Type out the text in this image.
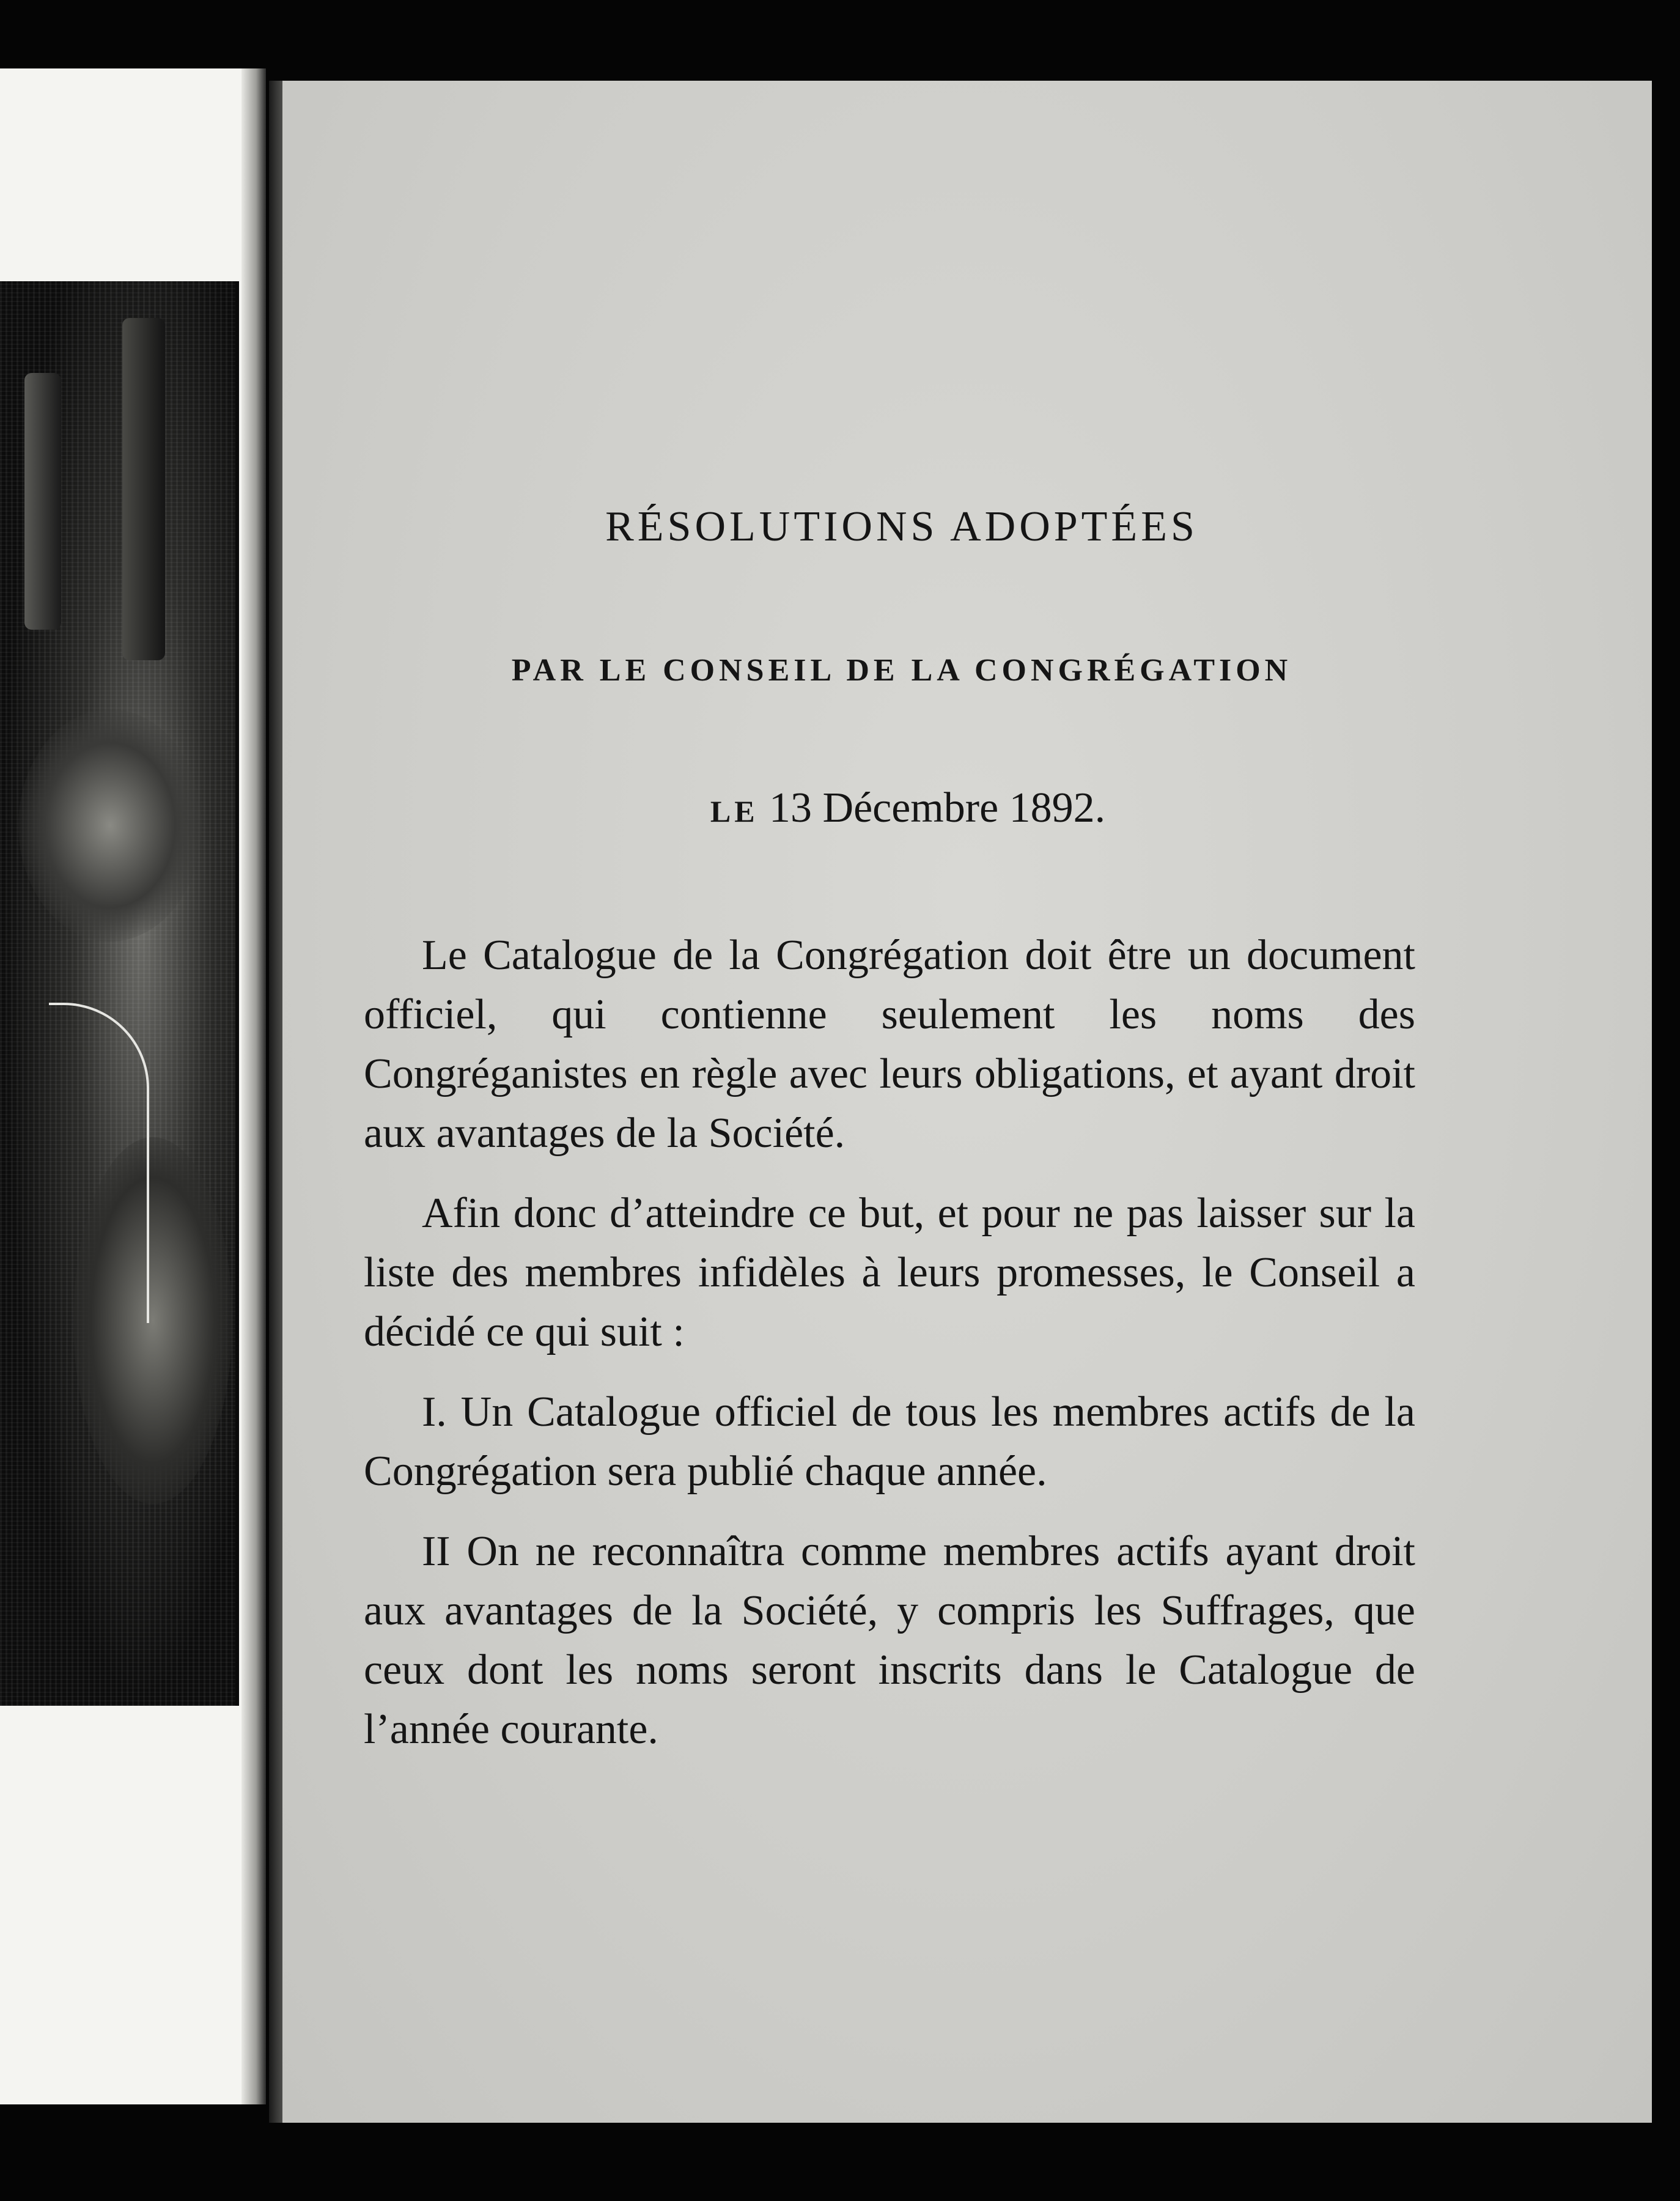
RÉSOLUTIONS ADOPTÉES
PAR LE CONSEIL DE LA CONGRÉGATION

LE 13 Décembre 1892.

Le Catalogue de la Congrégation doit être un document officiel, qui contienne seulement les noms des Congréganistes en règle avec leurs obligations, et ayant droit aux avantages de la Société.

Afin donc d’atteindre ce but, et pour ne pas laisser sur la liste des membres infidèles à leurs promesses, le Conseil a décidé ce qui suit :

I. Un Catalogue officiel de tous les membres actifs de la Congrégation sera publié chaque année.

II On ne reconnaîtra comme membres actifs ayant droit aux avantages de la Société, y compris les Suffrages, que ceux dont les noms seront inscrits dans le Catalogue de l’année courante.
